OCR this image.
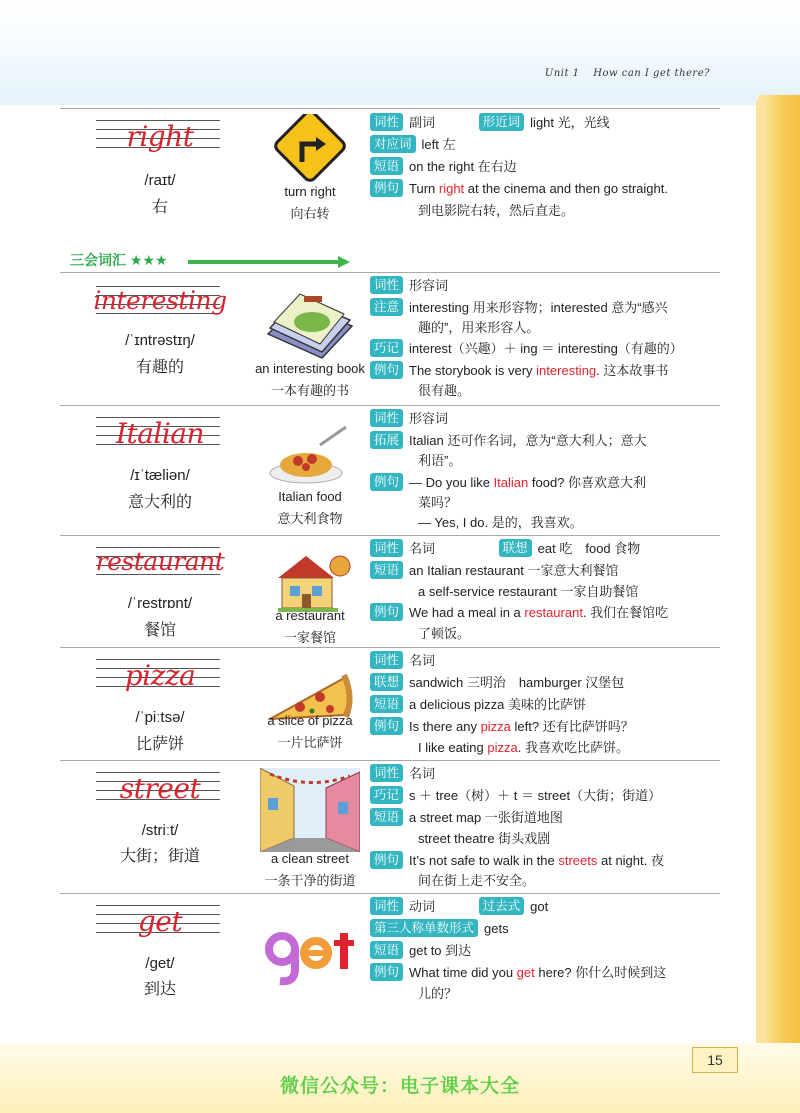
Unit 1 How can I get there?
三会词汇 ★★★
right
/raɪt/
右
turn right
向右转
词性 副词	形近词 light 光，光线
对应词 left 左
短语 on the right 在右边
例句 Turn right at the cinema and then go straight.
到电影院右转，然后直走。
interesting
/ˈɪntrəstɪŋ/
有趣的	an interesting book
一本有趣的书
词性 形容词
注意 interesting 用来形容物；interested 意为“感兴
趣的”，用来形容人。
巧记 interest（兴趣）＋ ing ＝ interesting（有趣的）
例句 The storybook is very interesting. 这本故事书
很有趣。
Italian
/ɪˈtæliən/
意大利的	Italian food
意大利食物
词性 形容词
拓展 Italian 还可作名词，意为“意大利人；意大
利语”。
例句 — Do you like Italian food? 你喜欢意大利
菜吗？
— Yes, I do. 是的，我喜欢。
restaurant
/ˈrestrɒnt/
餐馆
a restaurant
一家餐馆
词性 名词	联想 eat 吃　food 食物
短语 an Italian restaurant 一家意大利餐馆
a self-service restaurant 一家自助餐馆
例句 We had a meal in a restaurant. 我们在餐馆吃
了顿饭。
pizza
/ˈpiːtsə/
比萨饼
a slice of pizza
一片比萨饼
词性 名词
联想 sandwich 三明治　hamburger 汉堡包
短语 a delicious pizza 美味的比萨饼
例句 Is there any pizza left? 还有比萨饼吗？
I like eating pizza. 我喜欢吃比萨饼。
street
/striːt/
大街；街道	a clean street
一条干净的街道
词性 名词
巧记 s ＋ tree（树）＋ t ＝ street（大街；街道）
短语 a street map 一张街道地图
street theatre 街头戏剧
例句 It’s not safe to walk in the streets at night. 夜
间在街上走不安全。
get
/get/
到达
词性 动词	过去式 got
第三人称单数形式 gets
短语 get to 到达
例句 What time did you get here? 你什么时候到这
儿的？
15
微信公众号：电子课本大全
